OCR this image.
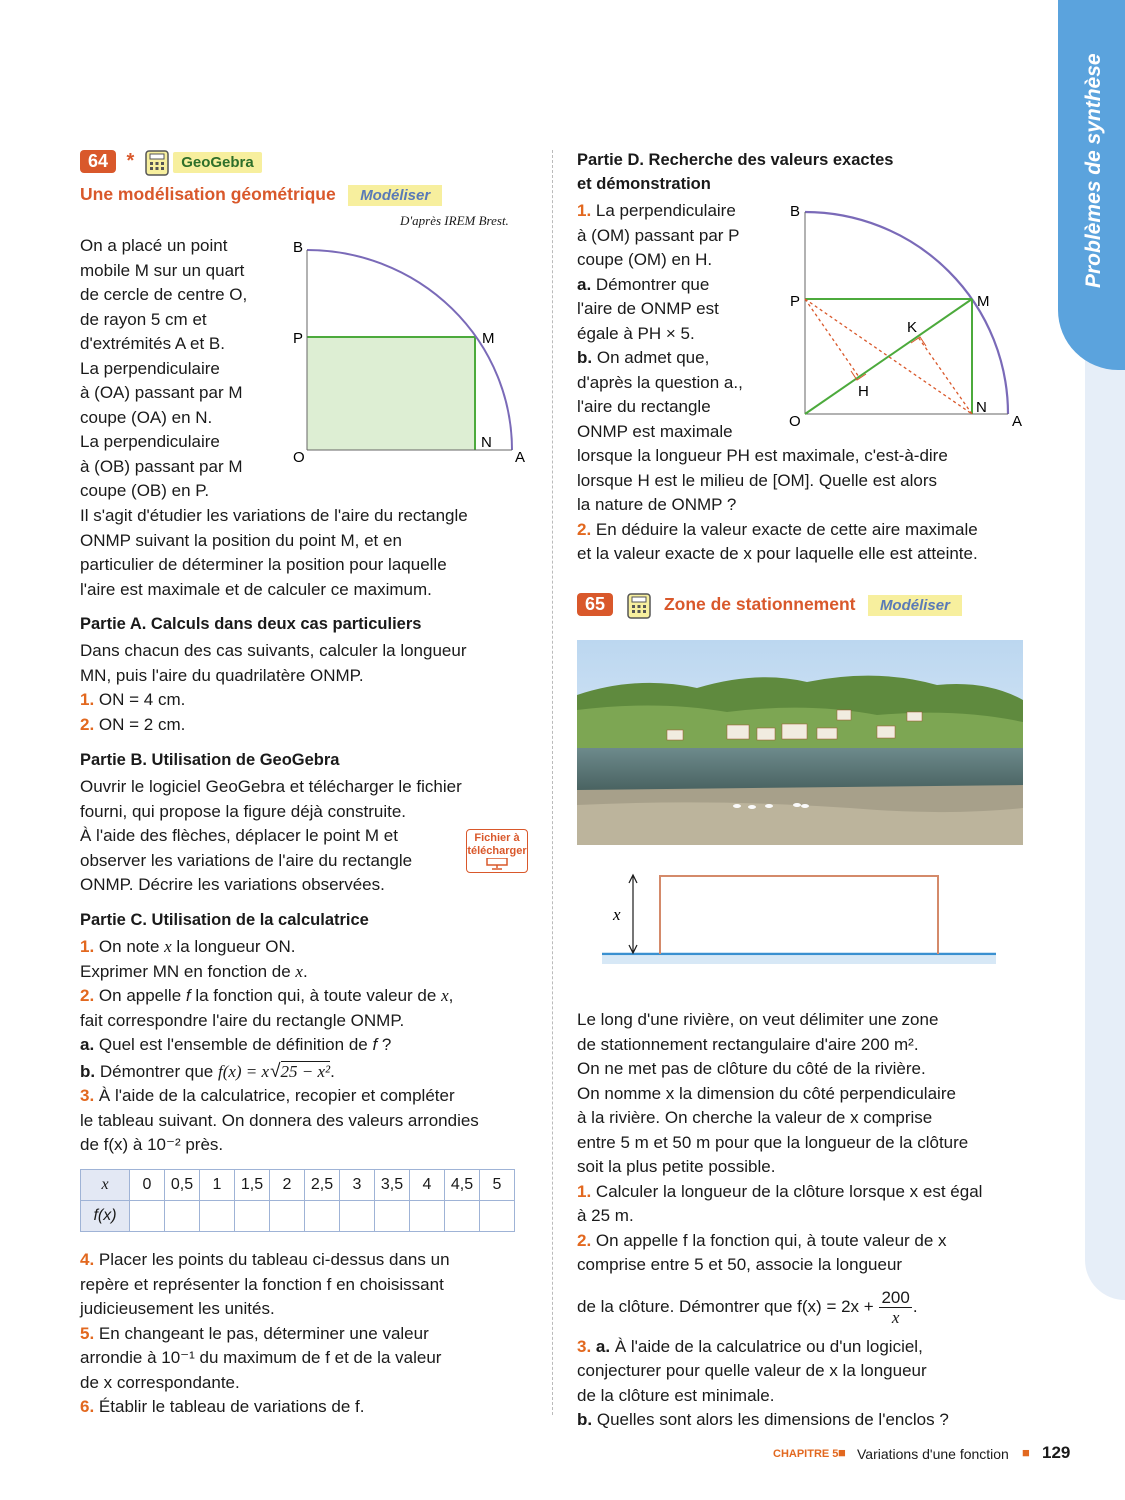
Problèmes de synthèse
64 *	GeoGebra
Une modélisation géométrique Modéliser
D'après IREM Brest.

On a placé un point

mobile M sur un quart

de cercle de centre O,

de rayon 5 cm et

d'extrémités A et B.

La perpendiculaire

à (OA) passant par M

coupe (OA) en N.

La perpendiculaire

à (OB) passant par M

coupe (OB) en P.

B
P	M
O
N
A

Il s'agit d'étudier les variations de l'aire du rectangle

ONMP suivant la position du point M, et en

particulier de déterminer la position pour laquelle

l'aire est maximale et de calculer ce maximum.

Partie A. Calculs dans deux cas particuliers

Dans chacun des cas suivants, calculer la longueur

MN, puis l'aire du quadrilatère ONMP.

1. ON = 4 cm.

2. ON = 2 cm.

Partie B. Utilisation de GeoGebra

Ouvrir le logiciel GeoGebra et télécharger le fichier

fourni, qui propose la figure déjà construite.

À l'aide des flèches, déplacer le point M et

observer les variations de l'aire du rectangle

ONMP. Décrire les variations observées.

Fichier à
télécharger

Partie C. Utilisation de la calculatrice

1. On note x la longueur ON.

Exprimer MN en fonction de x.

2. On appelle f la fonction qui, à toute valeur de x,

fait correspondre l'aire du rectangle ONMP.

a. Quel est l'ensemble de définition de f ?

b. Démontrer que f(x) = x√25 − x².

3. À l'aide de la calculatrice, recopier et compléter

le tableau suivant. On donnera des valeurs arrondies

de f(x) à 10⁻² près.

x	0	0,5	1	1,5	2	2,5	3	3,5	4	4,5	5
f(x)											

4. Placer les points du tableau ci-dessus dans un

repère et représenter la fonction f en choisissant

judicieusement les unités.

5. En changeant le pas, déterminer une valeur

arrondie à 10⁻¹ du maximum de f et de la valeur

de x correspondante.

6. Établir le tableau de variations de f.

Partie D. Recherche des valeurs exactes

et démonstration

1. La perpendiculaire

à (OM) passant par P

coupe (OM) en H.

a. Démontrer que

l'aire de ONMP est

égale à PH × 5.

b. On admet que,

d'après la question a.,

l'aire du rectangle

ONMP est maximale

B
P	M
K
H
O
N
A

lorsque la longueur PH est maximale, c'est-à-dire

lorsque H est le milieu de [OM]. Quelle est alors

la nature de ONMP ?

2. En déduire la valeur exacte de cette aire maximale

et la valeur exacte de x pour laquelle elle est atteinte.

65	Zone de stationnement Modéliser
x

Le long d'une rivière, on veut délimiter une zone

de stationnement rectangulaire d'aire 200 m².

On ne met pas de clôture du côté de la rivière.

On nomme x la dimension du côté perpendiculaire

à la rivière. On cherche la valeur de x comprise

entre 5 m et 50 m pour que la longueur de la clôture

soit la plus petite possible.

1. Calculer la longueur de la clôture lorsque x est égal

à 25 m.

2. On appelle f la fonction qui, à toute valeur de x

comprise entre 5 et 50, associe la longueur

de la clôture. Démontrer que $f(x) = 2x + \frac{200}{x}$ .

3. a. À l'aide de la calculatrice ou d'un logiciel,

conjecturer pour quelle valeur de x la longueur

de la clôture est minimale.

b. Quelles sont alors les dimensions de l'enclos ?

CHAPITRE 5 ■ Variations d'une fonction ■ 129
